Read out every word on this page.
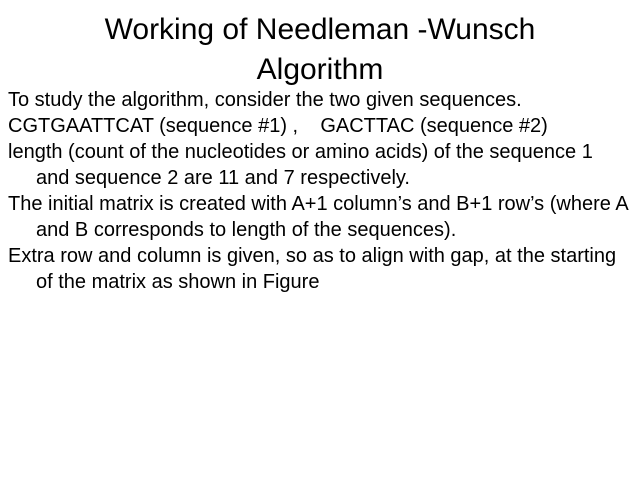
Working of Needleman -Wunsch
Algorithm
To study the algorithm, consider the two given sequences.
CGTGAATTCAT (sequence #1) ,    GACTTAC (sequence #2)
length (count of the nucleotides or amino acids) of the sequence 1 and sequence 2 are 11 and 7 respectively.
The initial matrix is created with A+1 column’s and B+1 row’s (where A and B corresponds to length of the sequences).
Extra row and column is given, so as to align with gap, at the starting of the matrix as shown in Figure
